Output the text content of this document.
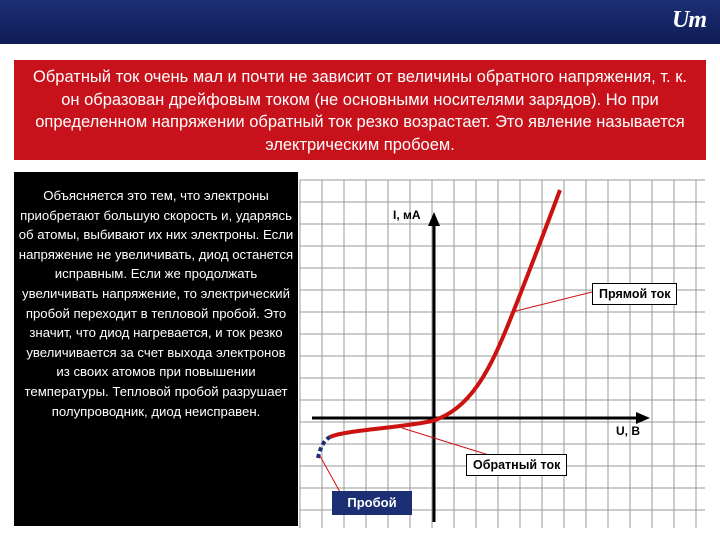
Um
Обратный ток очень мал и почти не зависит от величины обратного напряжения, т. к. он образован дрейфовым током (не основными носителями зарядов). Но при определенном напряжении обратный ток резко возрастает. Это явление называется электрическим пробоем.
Объясняется это тем, что электроны приобретают большую скорость и, ударяясь об атомы, выбивают их них электроны. Если напряжение не увеличивать, диод останется исправным. Если же продолжать увеличивать напряжение, то электрический пробой переходит в тепловой пробой. Это значит, что диод нагревается, и ток резко увеличивается за счет выхода электронов из своих атомов при повышении температуры. Тепловой пробой разрушает полупроводник, диод неисправен.
I, мА
U, В
Прямой ток
Обратный ток
Пробой
